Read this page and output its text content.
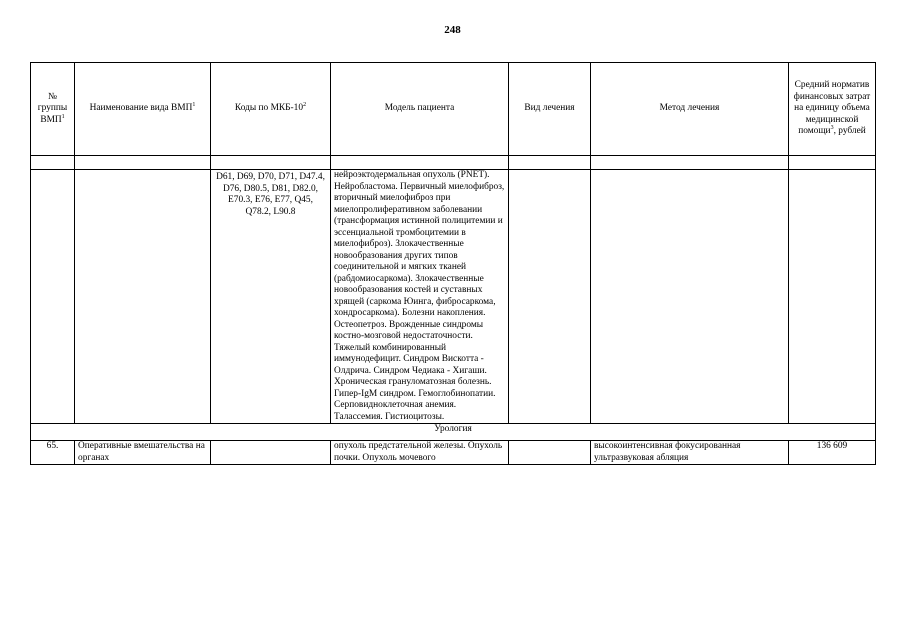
248
№ группы ВМП$^1$	Наименование вида ВМП$^1$	Коды по МКБ-$10^2$	Модель пациента	Вид лечения	Метод лечения	Средний норматив финансовых затрат на единицу объема медицинской помощи$^3$, рублей

		D61, D69, D70, D71, D47.4, D76, D80.5, D81, D82.0, E70.3, E76, E77, Q45, Q78.2, L90.8	нейроэктодермальная опухоль (PNET). Нейробластома. Первичный миелофиброз, вторичный миелофиброз при миелопролиферативном заболевании (трансформация истинной полицитемии и эссенциальной тромбоцитемии в миелофиброз). Злокачественные новообразования других типов соединительной и мягких тканей (рабдомиосаркома). Злокачественные новообразования костей и суставных хрящей (саркома Юинга, фибросаркома, хондросаркома). Болезни накопления. Остеопетроз. Врожденные синдромы костно-мозговой недостаточности. Тяжелый комбинированный иммунодефицит. Синдром Вискотта - Олдрича. Синдром Чедиака - Хигаши. Хроническая грануломатозная болезнь. Гипер-IgM синдром. Гемоглобинопатии. Серповидноклеточная анемия. Талассемия. Гистиоцитозы.			
Урология						
65.	Оперативные вмешательства на органах		опухоль предстательной железы. Опухоль почки. Опухоль мочевого		высокоинтенсивная фокусированная ультразвуковая абляция	136 609
